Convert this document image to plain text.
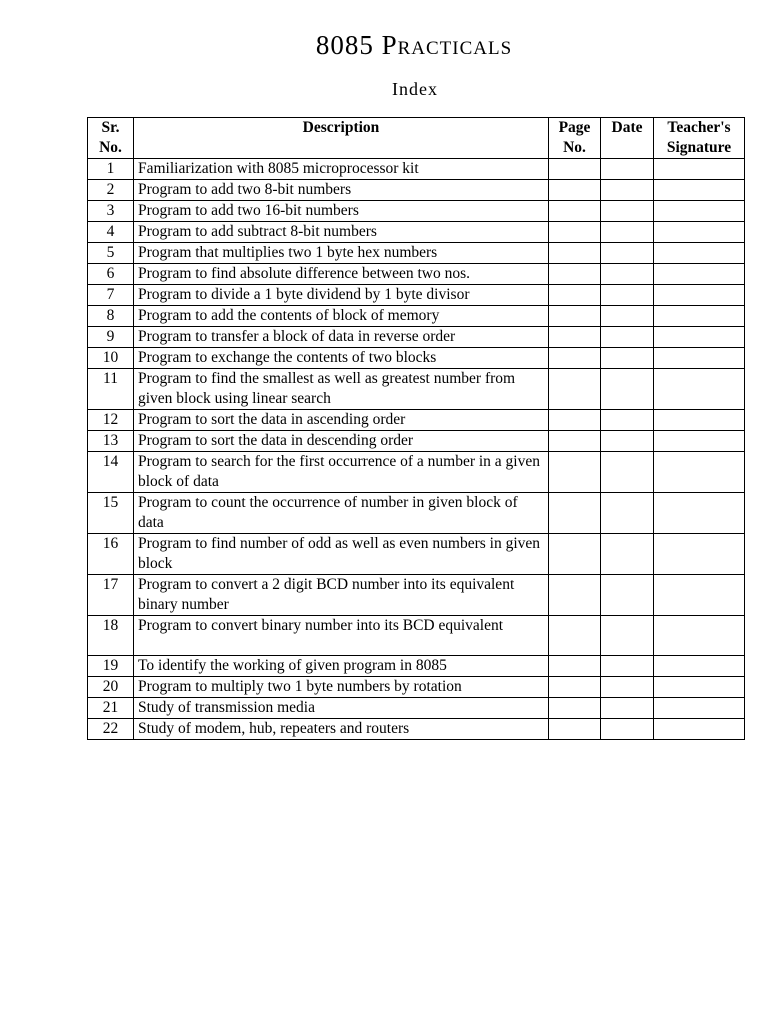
8085 Practicals
Index
Sr. No.	Description	Page No.	Date	Teacher's Signature
1	Familiarization with 8085 microprocessor kit			
2	Program to add two 8-bit numbers			
3	Program to add two 16-bit numbers			
4	Program to add subtract 8-bit numbers			
5	Program that multiplies two 1 byte hex numbers			
6	Program to find absolute difference between two nos.			
7	Program to divide a 1 byte dividend by 1 byte divisor			
8	Program to add the contents of block of memory			
9	Program to transfer a block of data in reverse order			
10	Program to exchange the contents of two blocks			
11	Program to find the smallest as well as greatest number from given block using linear search			
12	Program to sort the data in ascending order			
13	Program to sort the data in descending order			
14	Program to search for the first occurrence of a number in a given block of data			
15	Program to count the occurrence of number in given block of data			
16	Program to find number of odd as well as even numbers in given block			
17	Program to convert a 2 digit BCD number into its equivalent binary number			
18	Program to convert binary number into its BCD equivalent			
19	To identify the working of given program in 8085			
20	Program to multiply two 1 byte numbers by rotation			
21	Study of transmission media			
22	Study of modem, hub, repeaters and routers			
